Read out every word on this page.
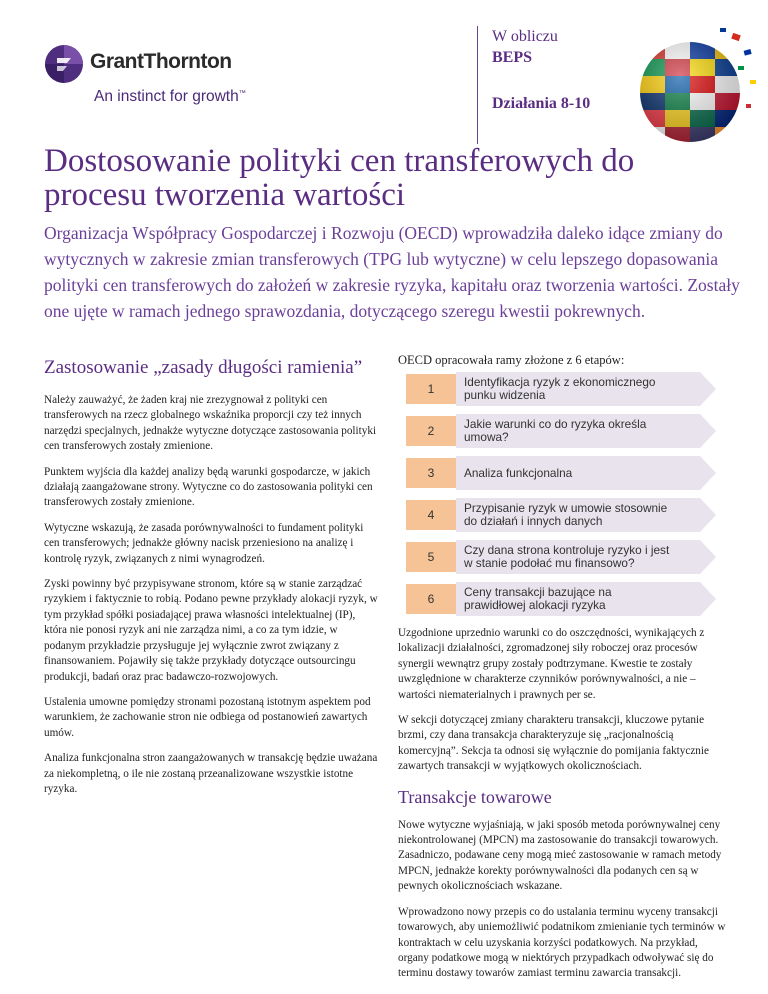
GrantThornton
An instinct for growth™
W obliczu
BEPS
Działania 8-10
Dostosowanie polityki cen transferowych do procesu tworzenia wartości

Organizacja Współpracy Gospodarczej i Rozwoju (OECD) wprowadziła daleko idące zmiany do wytycznych w zakresie zmian transferowych (TPG lub wytyczne) w celu lepszego dopasowania polityki cen transferowych do założeń w zakresie ryzyka, kapitału oraz tworzenia wartości. Zostały one ujęte w ramach jednego sprawozdania, dotyczącego szeregu kwestii pokrewnych.

Zastosowanie „zasady długości ramienia”

Należy zauważyć, że żaden kraj nie zrezygnował z polityki cen transferowych na rzecz globalnego wskaźnika proporcji czy też innych narzędzi specjalnych, jednakże wytyczne dotyczące zastosowania polityki cen transferowych zostały zmienione.

Punktem wyjścia dla każdej analizy będą warunki gospodarcze, w jakich działają zaangażowane strony. Wytyczne co do zastosowania polityki cen transferowych zostały zmienione.

Wytyczne wskazują, że zasada porównywalności to fundament polityki cen transferowych; jednakże główny nacisk przeniesiono na analizę i kontrolę ryzyk, związanych z nimi wynagrodzeń.

Zyski powinny być przypisywane stronom, które są w stanie zarządzać ryzykiem i faktycznie to robią. Podano pewne przykłady alokacji ryzyk, w tym przykład spółki posiadającej prawa własności intelektualnej (IP), która nie ponosi ryzyk ani nie zarządza nimi, a co za tym idzie, w podanym przykładzie przysługuje jej wyłącznie zwrot związany z finansowaniem. Pojawiły się także przykłady dotyczące outsourcingu produkcji, badań oraz prac badawczo-rozwojowych.

Ustalenia umowne pomiędzy stronami pozostaną istotnym aspektem pod warunkiem, że zachowanie stron nie odbiega od postanowień zawartych umów.

Analiza funkcjonalna stron zaangażowanych w transakcję będzie uważana za niekompletną, o ile nie zostaną przeanalizowane wszystkie istotne ryzyka.

OECD opracowała ramy złożone z 6 etapów:

1	Identyfikacja ryzyk z ekonomicznego punku widzenia
2	Jakie warunki co do ryzyka określa umowa?
3	Analiza funkcjonalna
4	Przypisanie ryzyk w umowie stosownie do działań i innych danych
5	Czy dana strona kontroluje ryzyko i jest w stanie podołać mu finansowo?
6	Ceny transakcji bazujące na prawidłowej alokacji ryzyka

Uzgodnione uprzednio warunki co do oszczędności, wynikających z lokalizacji działalności, zgromadzonej siły roboczej oraz procesów synergii wewnątrz grupy zostały podtrzymane. Kwestie te zostały uwzględnione w charakterze czynników porównywalności, a nie – wartości niematerialnych i prawnych per se.

W sekcji dotyczącej zmiany charakteru transakcji, kluczowe pytanie brzmi, czy dana transakcja charakteryzuje się „racjonalnością komercyjną”. Sekcja ta odnosi się wyłącznie do pomijania faktycznie zawartych transakcji w wyjątkowych okolicznościach.

Transakcje towarowe

Nowe wytyczne wyjaśniają, w jaki sposób metoda porównywalnej ceny niekontrolowanej (MPCN) ma zastosowanie do transakcji towarowych. Zasadniczo, podawane ceny mogą mieć zastosowanie w ramach metody MPCN, jednakże korekty porównywalności dla podanych cen są w pewnych okolicznościach wskazane.

Wprowadzono nowy przepis co do ustalania terminu wyceny transakcji towarowych, aby uniemożliwić podatnikom zmienianie tych terminów w kontraktach w celu uzyskania korzyści podatkowych. Na przykład, organy podatkowe mogą w niektórych przypadkach odwoływać się do terminu dostawy towarów zamiast terminu zawarcia transakcji.
